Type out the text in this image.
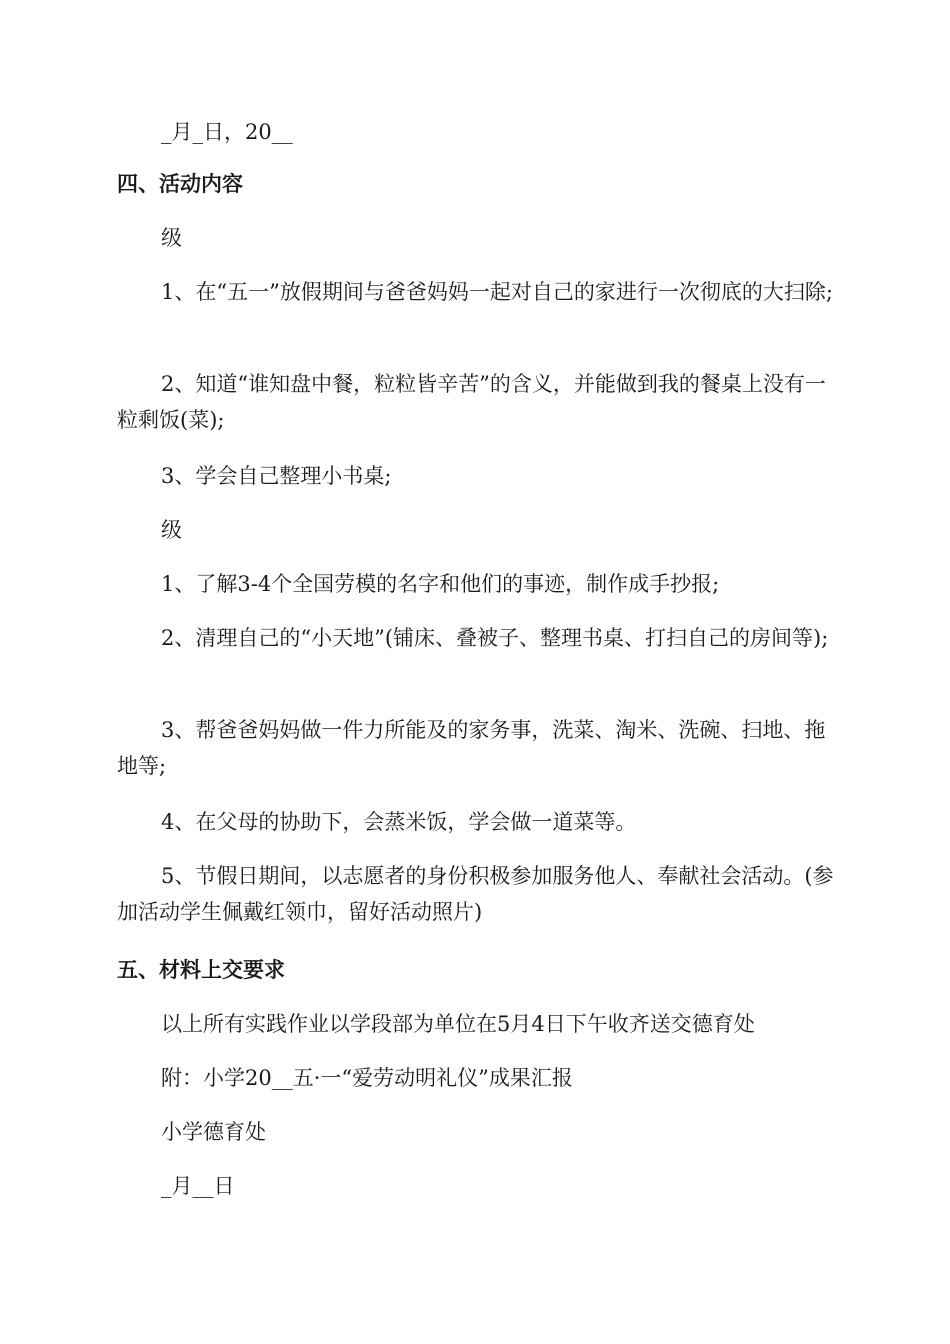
_月_日，20__
四、活动内容
级
1、在“五一”放假期间与爸爸妈妈一起对自己的家进行一次彻底的大扫除;
2、知道“谁知盘中餐，粒粒皆辛苦”的含义，并能做到我的餐桌上没有一粒剩饭(菜);
3、学会自己整理小书桌;
级
1、了解3-4个全国劳模的名字和他们的事迹，制作成手抄报;
2、清理自己的“小天地”(铺床、叠被子、整理书桌、打扫自己的房间等);
3、帮爸爸妈妈做一件力所能及的家务事，洗菜、淘米、洗碗、扫地、拖地等;
4、在父母的协助下，会蒸米饭，学会做一道菜等。
5、节假日期间，以志愿者的身份积极参加服务他人、奉献社会活动。(参加活动学生佩戴红领巾，留好活动照片)
五、材料上交要求
以上所有实践作业以学段部为单位在5月4日下午收齐送交德育处
附：小学20__五·一“爱劳动明礼仪”成果汇报
小学德育处
_月__日
